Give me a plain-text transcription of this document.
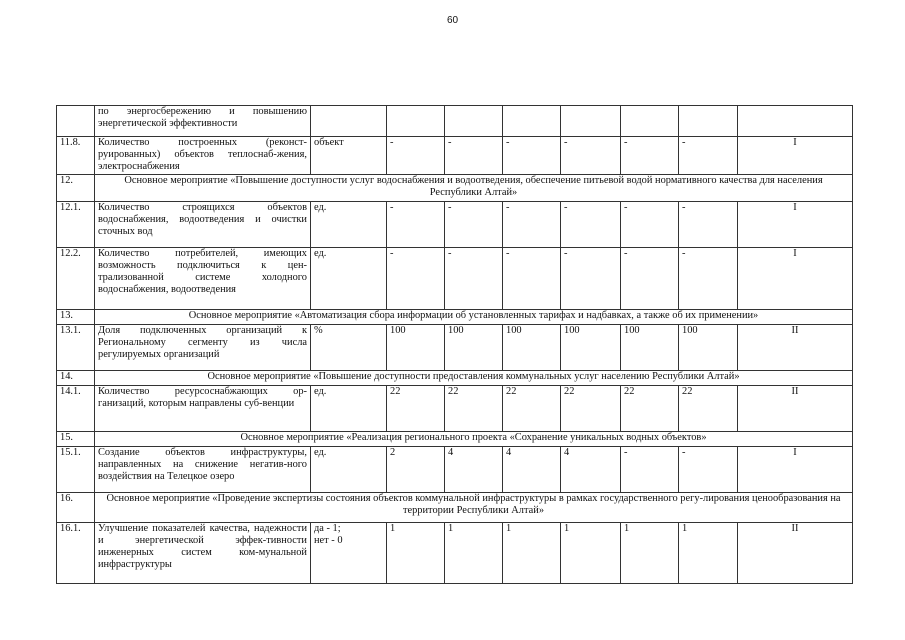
60
	по энергосбережению и повышению энергетической эффективности								
11.8.	Количество построенных (реконст-руированных) объектов теплоснаб-жения, электроснабжения	объект	-	-	-	-	-	-	I
12.	Основное мероприятие «Повышение доступности услуг водоснабжения и водоотведения, обеспечение питьевой водой нормативного качества для населения Республики Алтай»								
12.1.	Количество строящихся объектов водоснабжения, водоотведения и очистки сточных вод	ед.	-	-	-	-	-	-	I
12.2.	Количество потребителей, имеющих возможность подключиться к цен-трализованной системе холодного водоснабжения, водоотведения	ед.	-	-	-	-	-	-	I
13.	Основное мероприятие «Автоматизация сбора информации об установленных тарифах и надбавках, а также об их применении»								
13.1.	Доля подключенных организаций к Региональному сегменту из числа регулируемых организаций	%	100	100	100	100	100	100	II
14.	Основное мероприятие «Повышение доступности предоставления коммунальных услуг населению Республики Алтай»								
14.1.	Количество ресурсоснабжающих ор-ганизаций, которым направлены суб-венции	ед.	22	22	22	22	22	22	II
15.	Основное мероприятие «Реализация регионального проекта «Сохранение уникальных водных объектов»								
15.1.	Создание объектов инфраструктуры, направленных на снижение негатив-ного воздействия на Телецкое озеро	ед.	2	4	4	4	-	-	I
16.	Основное мероприятие «Проведение экспертизы состояния объектов коммунальной инфраструктуры в рамках государственного регу-лирования ценообразования на территории Республики Алтай»								
16.1.	Улучшение показателей качества, надежности и энергетической эффек-тивности инженерных систем ком-мунальной инфраструктуры	да - 1;
нет - 0	1	1	1	1	1	1	II
